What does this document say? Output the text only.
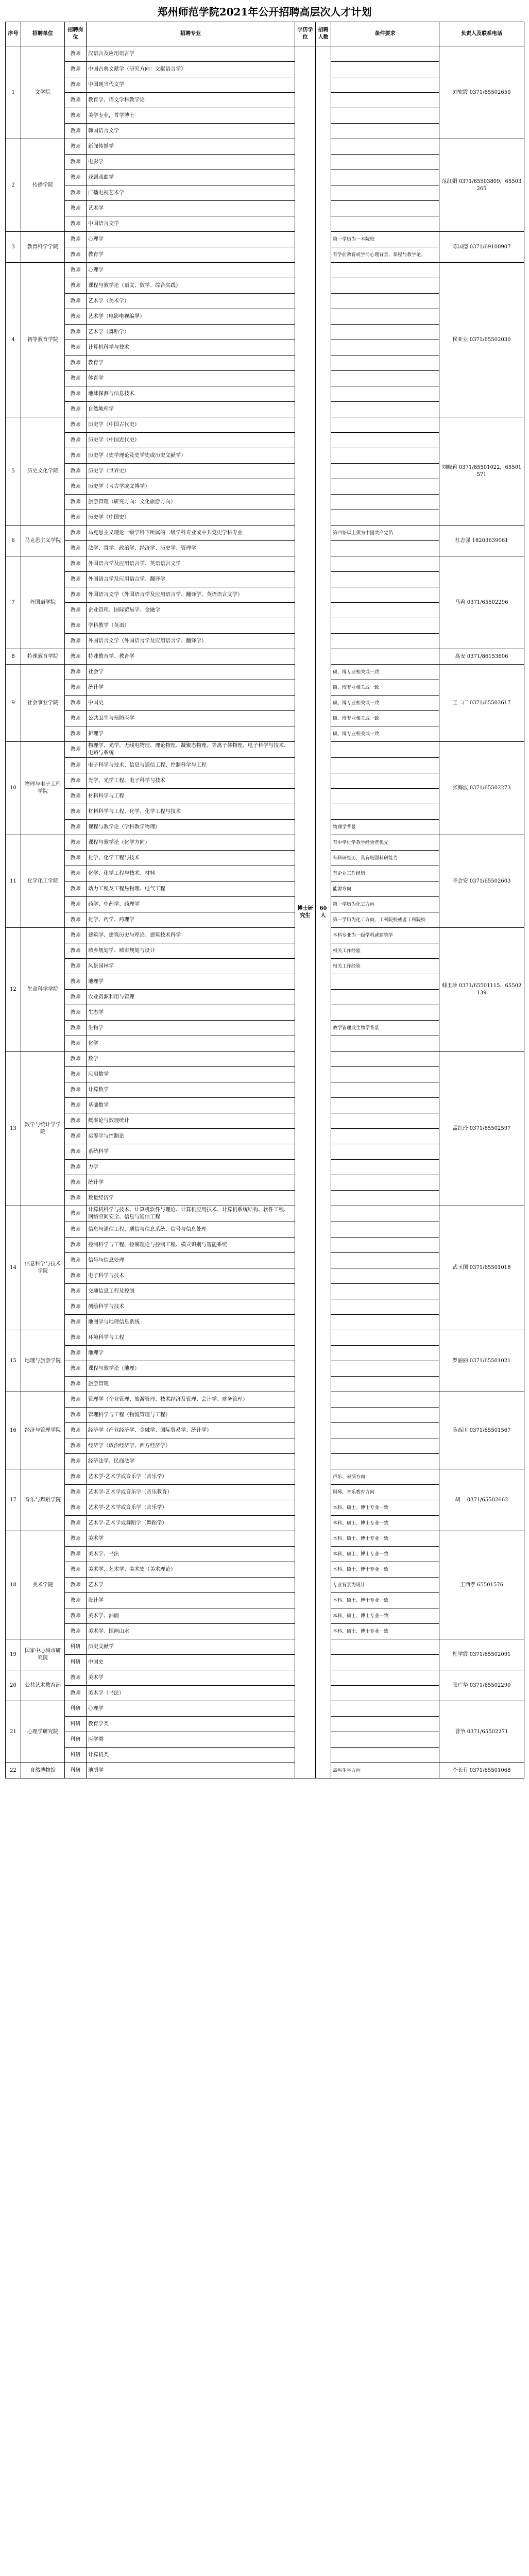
郑州师范学院2021年公开招聘高层次人才计划
序号	招聘单位	招聘岗位	招聘专业	学历学位	招聘人数	条件要求	负责人及联系电话
1	文学院	教师	汉语言及应用语言学	博士研究生	60人		刘软霞 0371/65502650
		教师	中国古典文献学（研究方向：文献语言学）				
		教师	中国现当代文学				
		教师	教育学、语文学科教学论				
		教师	美学专业，哲学博士				
		教师	韩国语言文学				
2	传播学院	教师	新闻传播学				范红娟 0371/65503809，65503265
		教师	电影学				
		教师	戏剧戏曲学				
		教师	广播电视艺术学				
		教师	艺术学				
		教师	中国语言文学				
3	教育科学学院	教师	心理学			第一学历为一本院校	陈国德 0371/69100907
		教师	教育学			有学前教育或学前心理背景，课程与教学论。	
4	初等教育学院	教师	心理学				侯亚业 0371/65502030
		教师	课程与教学论（语文、数学、综合实践）				
		教师	艺术学（美术学）				
		教师	艺术学（电影电视编导）				
		教师	艺术学（舞蹈学）				
		教师	计算机科学与技术				
		教师	教育学				
		教师	体育学				
		教师	地球探测与信息技术				
		教师	自然地理学				
5	历史文化学院	教师	历史学（中国古代史）				刘晓莉 0371/65501022，65501571
		教师	历史学（中国近代史）				
		教师	历史学（史学理论及史学史或历史文献学）				
		教师	历史学（世界史）				
		教师	历史学（考古学或文博学）				
		教师	旅游管理（研究方向：文化旅游方向）				
		教师	历史学（中国史）				
6	马克思主义学院	教师	马克思主义理论一级学科下所属的二级学科专业或中共党史学科专业			第四条以上须为中国共产党员	杜志强 18203639061
		教师	法学、哲学、政治学、经济学、历史学、管理学				
7	外国语学院	教师	外国语言学及应用语言学、英语语言文学				马莉 0371/65502296
		教师	外国语言学及应用语言学、翻译学				
		教师	外国语言文学（外国语言学及应用语言学、翻译学、英语语言文学）				
		教师	企业管理、国际贸易学、金融学				
		教师	学科教学（英语）				
		教师	外国语言文学（外国语言学及应用语言学、翻译学）				
8	特殊教育学院	教师	特殊教育学、教育学				高安 0371/86153606
9	社会事业学院	教师	社会学			硕、博专业相关或一致	王二广 0371/65502617
		教师	统计学			硕、博专业相关或一致	
		教师	中国史			硕、博专业相关或一致	
		教师	公共卫生与预防医学			硕、博专业相关或一致	
		教师	护理学			硕、博专业相关或一致	
10	物理与电子工程学院	教师	物理学、光学、无线电物理、理论物理、凝聚态物理、等离子体物理、电子科学与技术、电路与系统				张海波 0371/65502273
		教师	电子科学与技术、信息与通信工程、控制科学与工程				
		教师	光学、光学工程、电子科学与技术				
		教师	材料科学与工程				
		教师	材料科学与工程、化学、化学工程与技术				
		教师	课程与教学论（学科教学物理）			物理学背景	
11	化学化工学院	教师	课程与教学论（化学方向）			有中学化学教学经验者优先	李会安 0371/65502603
		教师	化学、化学工程与技术			有科研经历，具有较强科研能力	
		教师	化学、化学工程与技术、材料			有企业工作经历	
		教师	动力工程及工程热物理、电气工程			能源方向	
		教师	药学、中药学、药理学			第一学历为化工方向	
		教师	化学、药学、药理学			第一学历为化工方向、工科院校或者工科院校	
12	生命科学学院	教师	建筑学、建筑历史与理论、建筑技术科学			本科专业为一级学科或建筑学	韩玉珍 0371/65501115，65502139
		教师	城乡规划学、城市规划与设计			相关工作经验	
		教师	风景园林学			相关工作经验	
		教师	地理学				
		教师	农业资源利用与管理				
		教师	生态学				
		教师	生物学			教学管理或生物学背景	
		教师	化学				
13	数学与统计学学院	教师	数学				孟红玲 0371/65502597
		教师	应用数学				
		教师	计算数学				
		教师	基础数学				
		教师	概率论与数理统计				
		教师	运筹学与控制论				
		教师	系统科学				
		教师	力学				
		教师	统计学				
		教师	数量经济学				
14	信息科学与技术学院	教师	计算机科学与技术、计算机软件与理论、计算机应用技术、计算机系统结构、软件工程、网络空间安全、信息与通信工程				武玉国 0371/65501018
		教师	信息与通信工程、通信与信息系统、信号与信息处理				
		教师	控制科学与工程、控制理论与控制工程、模式识别与智能系统				
		教师	信号与信息处理				
		教师	电子科学与技术				
		教师	交通信息工程及控制				
		教师	测绘科学与技术				
		教师	地图学与地理信息系统				
15	地理与旅游学院	教师	环境科学与工程				罗丽丽 0371/65501021
		教师	地理学				
		教师	课程与教学论（地理）				
		教师	旅游管理				
16	经济与管理学院	教师	管理学（企业管理、旅游管理、技术经济及管理、会计学、财务管理）				陈西川 0371/65501567
		教师	管理科学与工程（物流管理与工程）				
		教师	经济学（产业经济学、金融学、国际贸易学、统计学）				
		教师	经济学（政治经济学、西方经济学）				
		教师	经济法学、民商法学				
17	音乐与舞蹈学院	教师	艺术学-艺术学或音乐学（音乐学）			声乐、表演方向	胡一 0371/65502662
		教师	艺术学-艺术学或音乐学（音乐教育）			钢琴、音乐教育方向	
		教师	艺术学-艺术学或音乐学（音乐学）			本科、硕士、博士专业一致	
		教师	艺术学-艺术学或舞蹈学（舞蹈学）			本科、硕士、博士专业一致	
18	美术学院	教师	美术学			本科、硕士、博士专业一致	王西孝 65501576
		教师	美术学、书法			本科、硕士、博士专业一致	
		教师	美术学、艺术学、美术史（美术理论）			本科、硕士、博士专业一致	
		教师	艺术学			专业背景为设计	
		教师	设计学			本科、硕士、博士专业一致	
		教师	美术学、油画			本科、硕士、博士专业一致	
		教师	美术学、国画山水			本科、硕士、博士专业一致	
19	国家中心城市研究院	科研	历史文献学				杜学霞 0371/65502091
		科研	中国史				
20	公共艺术教育部	教师	美术学				张广华 0371/65502290
		教师	美术学（书法）				
21	心理学研究院	科研	心理学				普争 0371/65502271
		科研	教育学类				
		科研	医学类				
		科研	计算机类				
22	自然博物馆	科研	地质学			岛屿生学方向	李长有 0371/65501068
